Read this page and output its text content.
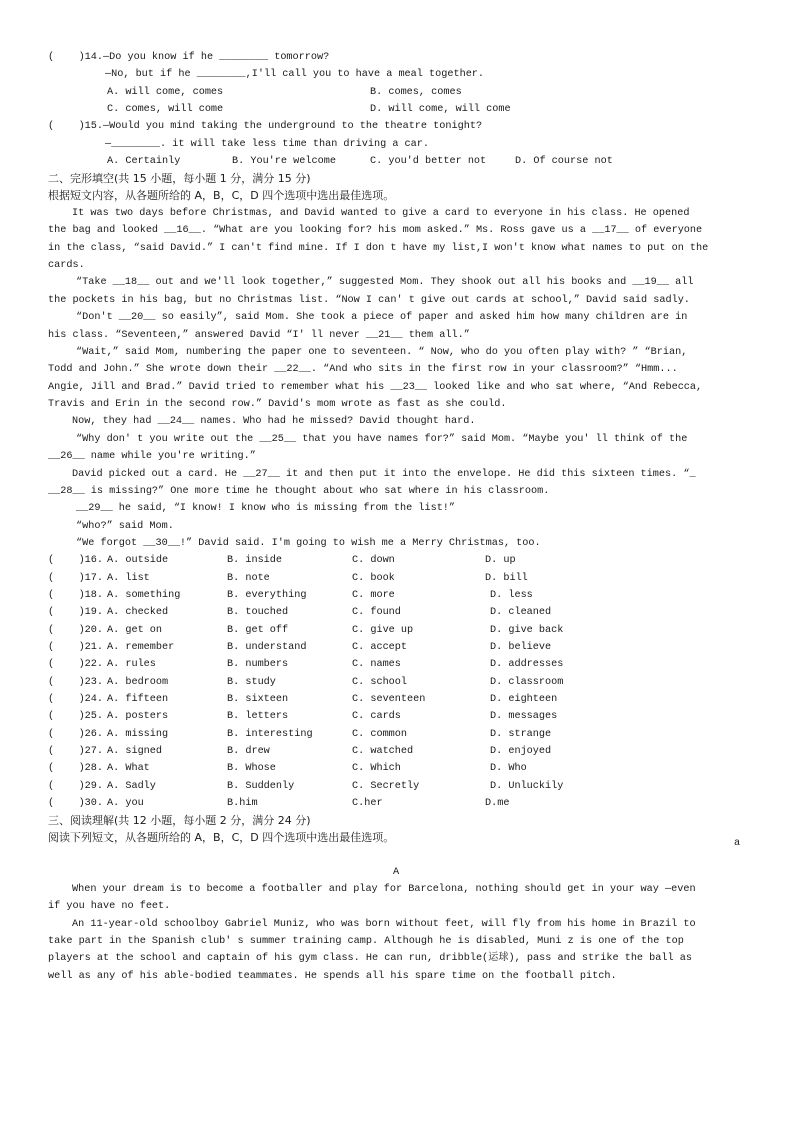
(    )14.—Do you know if he ________ tomorrow?
—No, but if he ________,I'll call you to have a meal together.
A. will come, comes	B. comes, comes
C. comes, will come	D. will come, will come
(    )15.—Would you mind taking the underground to the theatre tonight?
—________. it will take less time than driving a car.
A. Certainly	B. You're welcome	C. you'd better not	D. Of course not
二、完形填空(共 15 小题，每小题 1 分，满分 15 分)
根据短文内容，从各题所给的 A，B，C，D 四个选项中选出最佳选项。
It was two days before Christmas, and David wanted to give a card to everyone in his class. He opened
the bag and looked __16__. “What are you looking for? his mom asked.” Ms. Ross gave us a __17__ of everyone
in the class, “said David.” I can't find mine. If I don t have my list,I won't know what names to put on the
cards.
“Take __18__ out and we'll look together,” suggested Mom. They shook out all his books and __19__ all
the pockets in his bag, but no Christmas list. “Now I can' t give out cards at school,” David said sadly.
“Don't __20__ so easily”, said Mom. She took a piece of paper and asked him how many children are in
his class. “Seventeen,” answered David “I' ll never __21__ them all.”
“Wait,” said Mom, numbering the paper one to seventeen. “ Now, who do you often play with? ” “Brian,
Todd and John.” She wrote down their __22__. “And who sits in the first row in your classroom?” “Hmm...
Angie, Jill and Brad.” David tried to remember what his __23__ looked like and who sat where, “And Rebecca,
Travis and Erin in the second row.” David's mom wrote as fast as she could.
Now, they had __24__ names. Who had he missed? David thought hard.
“Why don' t you write out the __25__ that you have names for?” said Mom. “Maybe you' ll think of the
__26__ name while you're writing.”
David picked out a card. He __27__ it and then put it into the envelope. He did this sixteen times. “_
__28__ is missing?” One more time he thought about who sat where in his classroom.
__29__ he said, “I know! I know who is missing from the list!”
“who?” said Mom.
“We forgot __30__!” David said. I'm going to wish me a Merry Christmas, too.
(    )16. A. outside	B. inside	C. down	D. up
(    )17. A. list	B. note	C. book	D. bill
(    )18. A. something	B. everything	C. more	D. less
(    )19. A. checked	B. touched	C. found	D. cleaned
(    )20. A. get on	B. get off	C. give up	D. give back
(    )21. A. remember	B. understand	C. accept	D. believe
(    )22. A. rules	B. numbers	C. names	D. addresses
(    )23. A. bedroom	B. study	C. school	D. classroom
(    )24. A. fifteen	B. sixteen	C. seventeen	D. eighteen
(    )25. A. posters	B. letters	C. cards	D. messages
(    )26. A. missing	B. interesting	C. common	D. strange
(    )27. A. signed	B. drew	C. watched	D. enjoyed
(    )28. A. What	B. Whose	C. Which	D. Who
(    )29. A. Sadly	B. Suddenly	C. Secretly	D. Unluckily
(    )30. A. you	B.him	C.her	D.me
三、阅读理解(共 12 小题，每小题 2 分，满分 24 分)
阅读下列短文，从各题所给的 A，B，C，D 四个选项中选出最佳选项。	a
A
When your dream is to become a footballer and play for Barcelona, nothing should get in your way —even
if you have no feet.
An 11-year-old schoolboy Gabriel Muniz, who was born without feet, will fly from his home in Brazil to
take part in the Spanish club' s summer training camp. Although he is disabled, Muni z is one of the top
players at the school and captain of his gym class. He can run, dribble(运球), pass and strike the ball as
well as any of his able-bodied teammates. He spends all his spare time on the football pitch.
